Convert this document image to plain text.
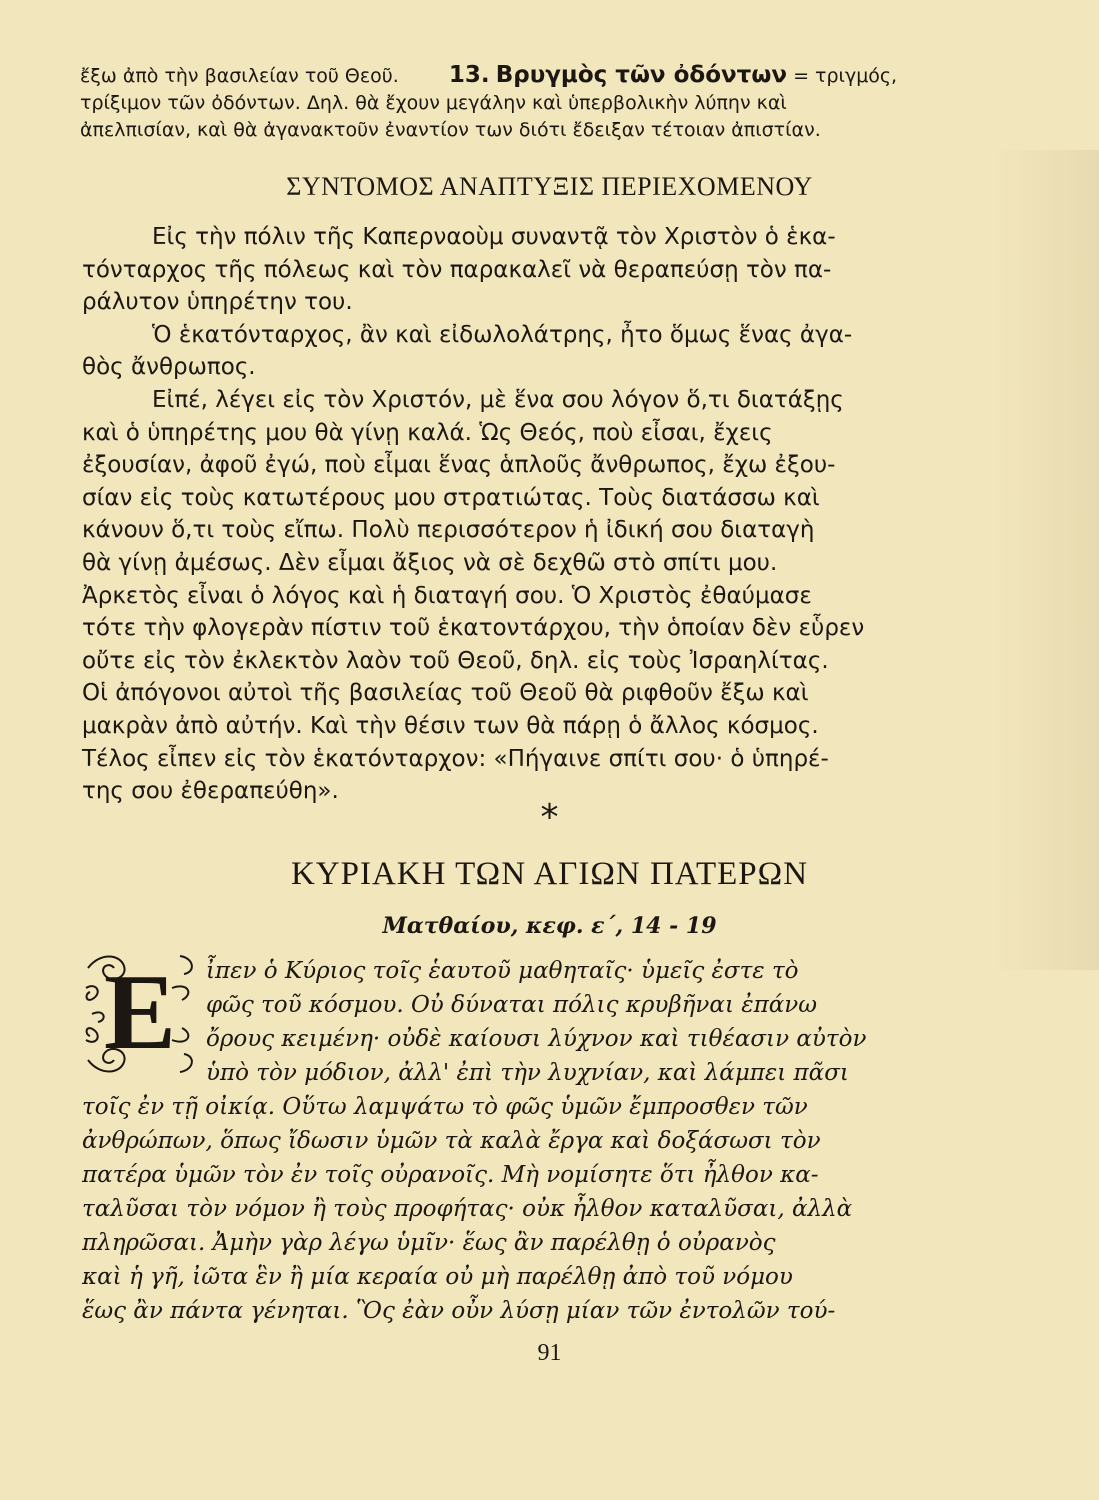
ἔξω ἀπὸ τὴν βασιλείαν τοῦ Θεοῦ. 13. Βρυγμὸς τῶν ὀδόντων = τριγμός,
τρίξιμον τῶν ὀδόντων. Δηλ. θὰ ἔχουν μεγάλην καὶ ὑπερβολικὴν λύπην καὶ
ἀπελπισίαν, καὶ θὰ ἀγανακτοῦν ἐναντίον των διότι ἔδειξαν τέτοιαν ἀπιστίαν.
ΣΥΝΤΟΜΟΣ ΑΝΑΠΤΥΞΙΣ ΠΕΡΙΕΧΟΜΕΝΟΥ
Εἰς τὴν πόλιν τῆς Καπερναοὺμ συναντᾷ τὸν Χριστὸν ὁ ἑκα-
τόνταρχος τῆς πόλεως καὶ τὸν παρακαλεῖ νὰ θεραπεύσῃ τὸν πα-
ράλυτον ὑπηρέτην του.
Ὁ ἑκατόνταρχος, ἂν καὶ εἰδωλολάτρης, ἦτο ὅμως ἕνας ἀγα-
θὸς ἄνθρωπος.
Εἰπέ, λέγει εἰς τὸν Χριστόν, μὲ ἕνα σου λόγον ὅ,τι διατάξῃς
καὶ ὁ ὑπηρέτης μου θὰ γίνῃ καλά. Ὡς Θεός, ποὺ εἶσαι, ἔχεις
ἐξουσίαν, ἀφοῦ ἐγώ, ποὺ εἶμαι ἕνας ἁπλοῦς ἄνθρωπος, ἔχω ἐξου-
σίαν εἰς τοὺς κατωτέρους μου στρατιώτας. Τοὺς διατάσσω καὶ
κάνουν ὅ,τι τοὺς εἴπω. Πολὺ περισσότερον ἡ ἰδική σου διαταγὴ
θὰ γίνῃ ἀμέσως. Δὲν εἶμαι ἄξιος νὰ σὲ δεχθῶ στὸ σπίτι μου.
Ἀρκετὸς εἶναι ὁ λόγος καὶ ἡ διαταγή σου. Ὁ Χριστὸς ἐθαύμασε
τότε τὴν φλογερὰν πίστιν τοῦ ἑκατοντάρχου, τὴν ὁποίαν δὲν εὗρεν
οὔτε εἰς τὸν ἐκλεκτὸν λαὸν τοῦ Θεοῦ, δηλ. εἰς τοὺς Ἰσραηλίτας.
Οἱ ἀπόγονοι αὐτοὶ τῆς βασιλείας τοῦ Θεοῦ θὰ ριφθοῦν ἔξω καὶ
μακρὰν ἀπὸ αὐτήν. Καὶ τὴν θέσιν των θὰ πάρῃ ὁ ἄλλος κόσμος.
Τέλος εἶπεν εἰς τὸν ἑκατόνταρχον: «Πήγαινε σπίτι σου· ὁ ὑπηρέ-
της σου ἐθεραπεύθη».
*
ΚΥΡΙΑΚΗ ΤΩΝ ΑΓΙΩΝ ΠΑΤΕΡΩΝ
Ματθαίου, κεφ. ε΄, 14 - 19
Ε	ἶπεν ὁ Κύριος τοῖς ἑαυτοῦ μαθηταῖς· ὑμεῖς ἐστε τὸ
φῶς τοῦ κόσμου. Οὐ δύναται πόλις κρυβῆναι ἐπάνω
ὄρους κειμένη· οὐδὲ καίουσι λύχνον καὶ τιθέασιν αὐτὸν
ὑπὸ τὸν μόδιον, ἀλλ' ἐπὶ τὴν λυχνίαν, καὶ λάμπει πᾶσι
τοῖς ἐν τῇ οἰκίᾳ. Οὕτω λαμψάτω τὸ φῶς ὑμῶν ἔμπροσθεν τῶν
ἀνθρώπων, ὅπως ἴδωσιν ὑμῶν τὰ καλὰ ἔργα καὶ δοξάσωσι τὸν
πατέρα ὑμῶν τὸν ἐν τοῖς οὐρανοῖς. Μὴ νομίσητε ὅτι ἦλθον κα-
ταλῦσαι τὸν νόμον ἢ τοὺς προφήτας· οὐκ ἦλθον καταλῦσαι, ἀλλὰ
πληρῶσαι. Ἀμὴν γὰρ λέγω ὑμῖν· ἕως ἂν παρέλθῃ ὁ οὐρανὸς
καὶ ἡ γῆ, ἰῶτα ἓν ἢ μία κεραία οὐ μὴ παρέλθῃ ἀπὸ τοῦ νόμου
ἕως ἂν πάντα γένηται. Ὃς ἐὰν οὖν λύσῃ μίαν τῶν ἐντολῶν τού-
91
